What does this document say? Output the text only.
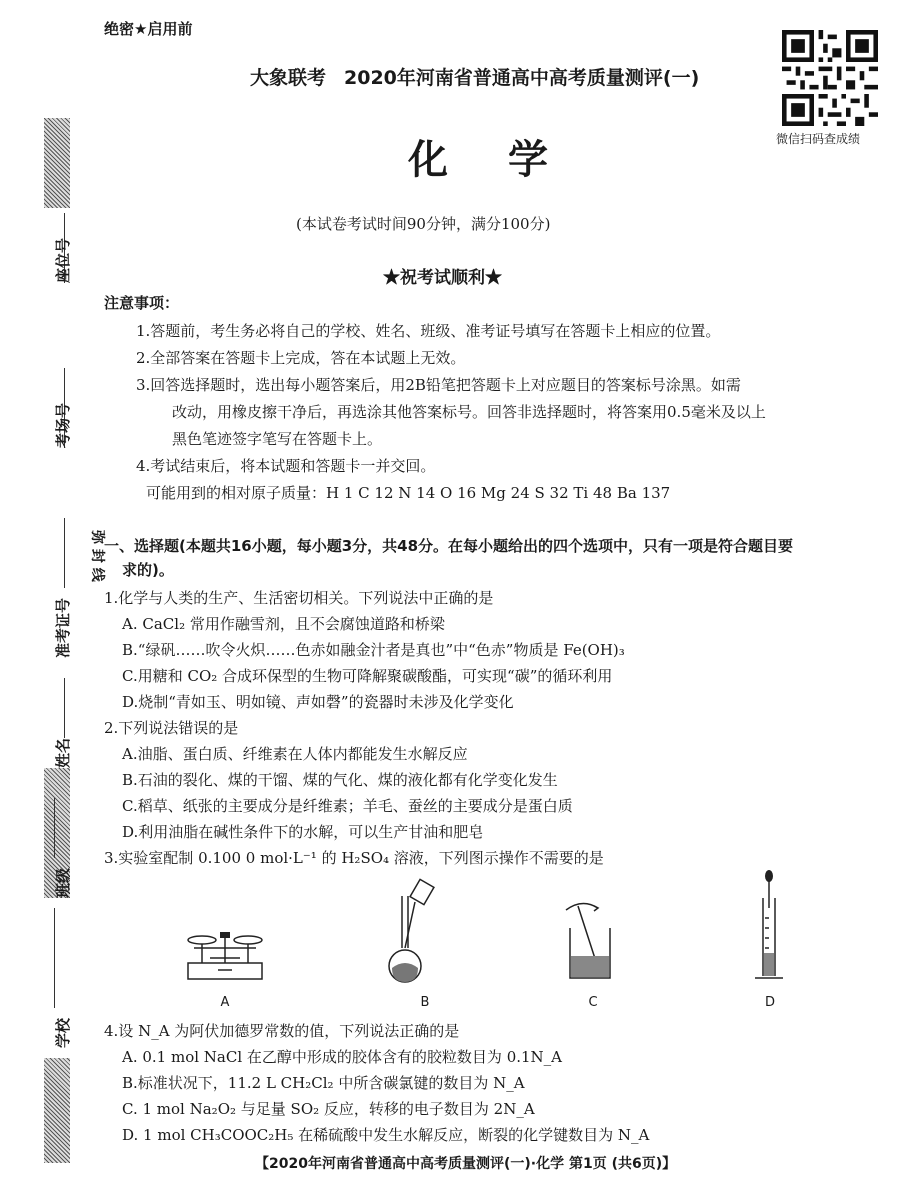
座位号
考场号
准考证号
弥 封 线
姓名
班级
学校
绝密★启用前
大象联考 2020年河南省普通高中高考质量测评(一)
微信扫码查成绩
化学
(本试卷考试时间90分钟，满分100分)
★祝考试顺利★
注意事项：
1.答题前，考生务必将自己的学校、姓名、班级、准考证号填写在答题卡上相应的位置。
2.全部答案在答题卡上完成，答在本试题上无效。
3.回答选择题时，选出每小题答案后，用2B铅笔把答题卡上对应题目的答案标号涂黑。如需
改动，用橡皮擦干净后，再选涂其他答案标号。回答非选择题时，将答案用0.5毫米及以上
黑色笔迹签字笔写在答题卡上。
4.考试结束后，将本试题和答题卡一并交回。
可能用到的相对原子质量：H 1 C 12 N 14 O 16 Mg 24 S 32 Ti 48 Ba 137
一、选择题(本题共16小题，每小题3分，共48分。在每小题给出的四个选项中，只有一项是符合题目要
求的)。
1.化学与人类的生产、生活密切相关。下列说法中正确的是
A. CaCl₂ 常用作融雪剂，且不会腐蚀道路和桥梁
B.“绿矾……吹令火炽……色赤如融金汁者是真也”中“色赤”物质是 Fe(OH)₃
C.用糖和 CO₂ 合成环保型的生物可降解聚碳酸酯，可实现“碳”的循环利用
D.烧制“青如玉、明如镜、声如磬”的瓷器时未涉及化学变化
2.下列说法错误的是
A.油脂、蛋白质、纤维素在人体内都能发生水解反应
B.石油的裂化、煤的干馏、煤的气化、煤的液化都有化学变化发生
C.稻草、纸张的主要成分是纤维素；羊毛、蚕丝的主要成分是蛋白质
D.利用油脂在碱性条件下的水解，可以生产甘油和肥皂
3.实验室配制 0.100 0 mol·L⁻¹ 的 H₂SO₄ 溶液，下列图示操作不需要的是
A	B	C	D
4.设 N_A 为阿伏加德罗常数的值，下列说法正确的是
A. 0.1 mol NaCl 在乙醇中形成的胶体含有的胶粒数目为 0.1N_A
B.标准状况下，11.2 L CH₂Cl₂ 中所含碳氯键的数目为 N_A
C. 1 mol Na₂O₂ 与足量 SO₂ 反应，转移的电子数目为 2N_A
D. 1 mol CH₃COOC₂H₅ 在稀硫酸中发生水解反应，断裂的化学键数目为 N_A
【2020年河南省普通高中高考质量测评(一)·化学 第1页 (共6页)】
